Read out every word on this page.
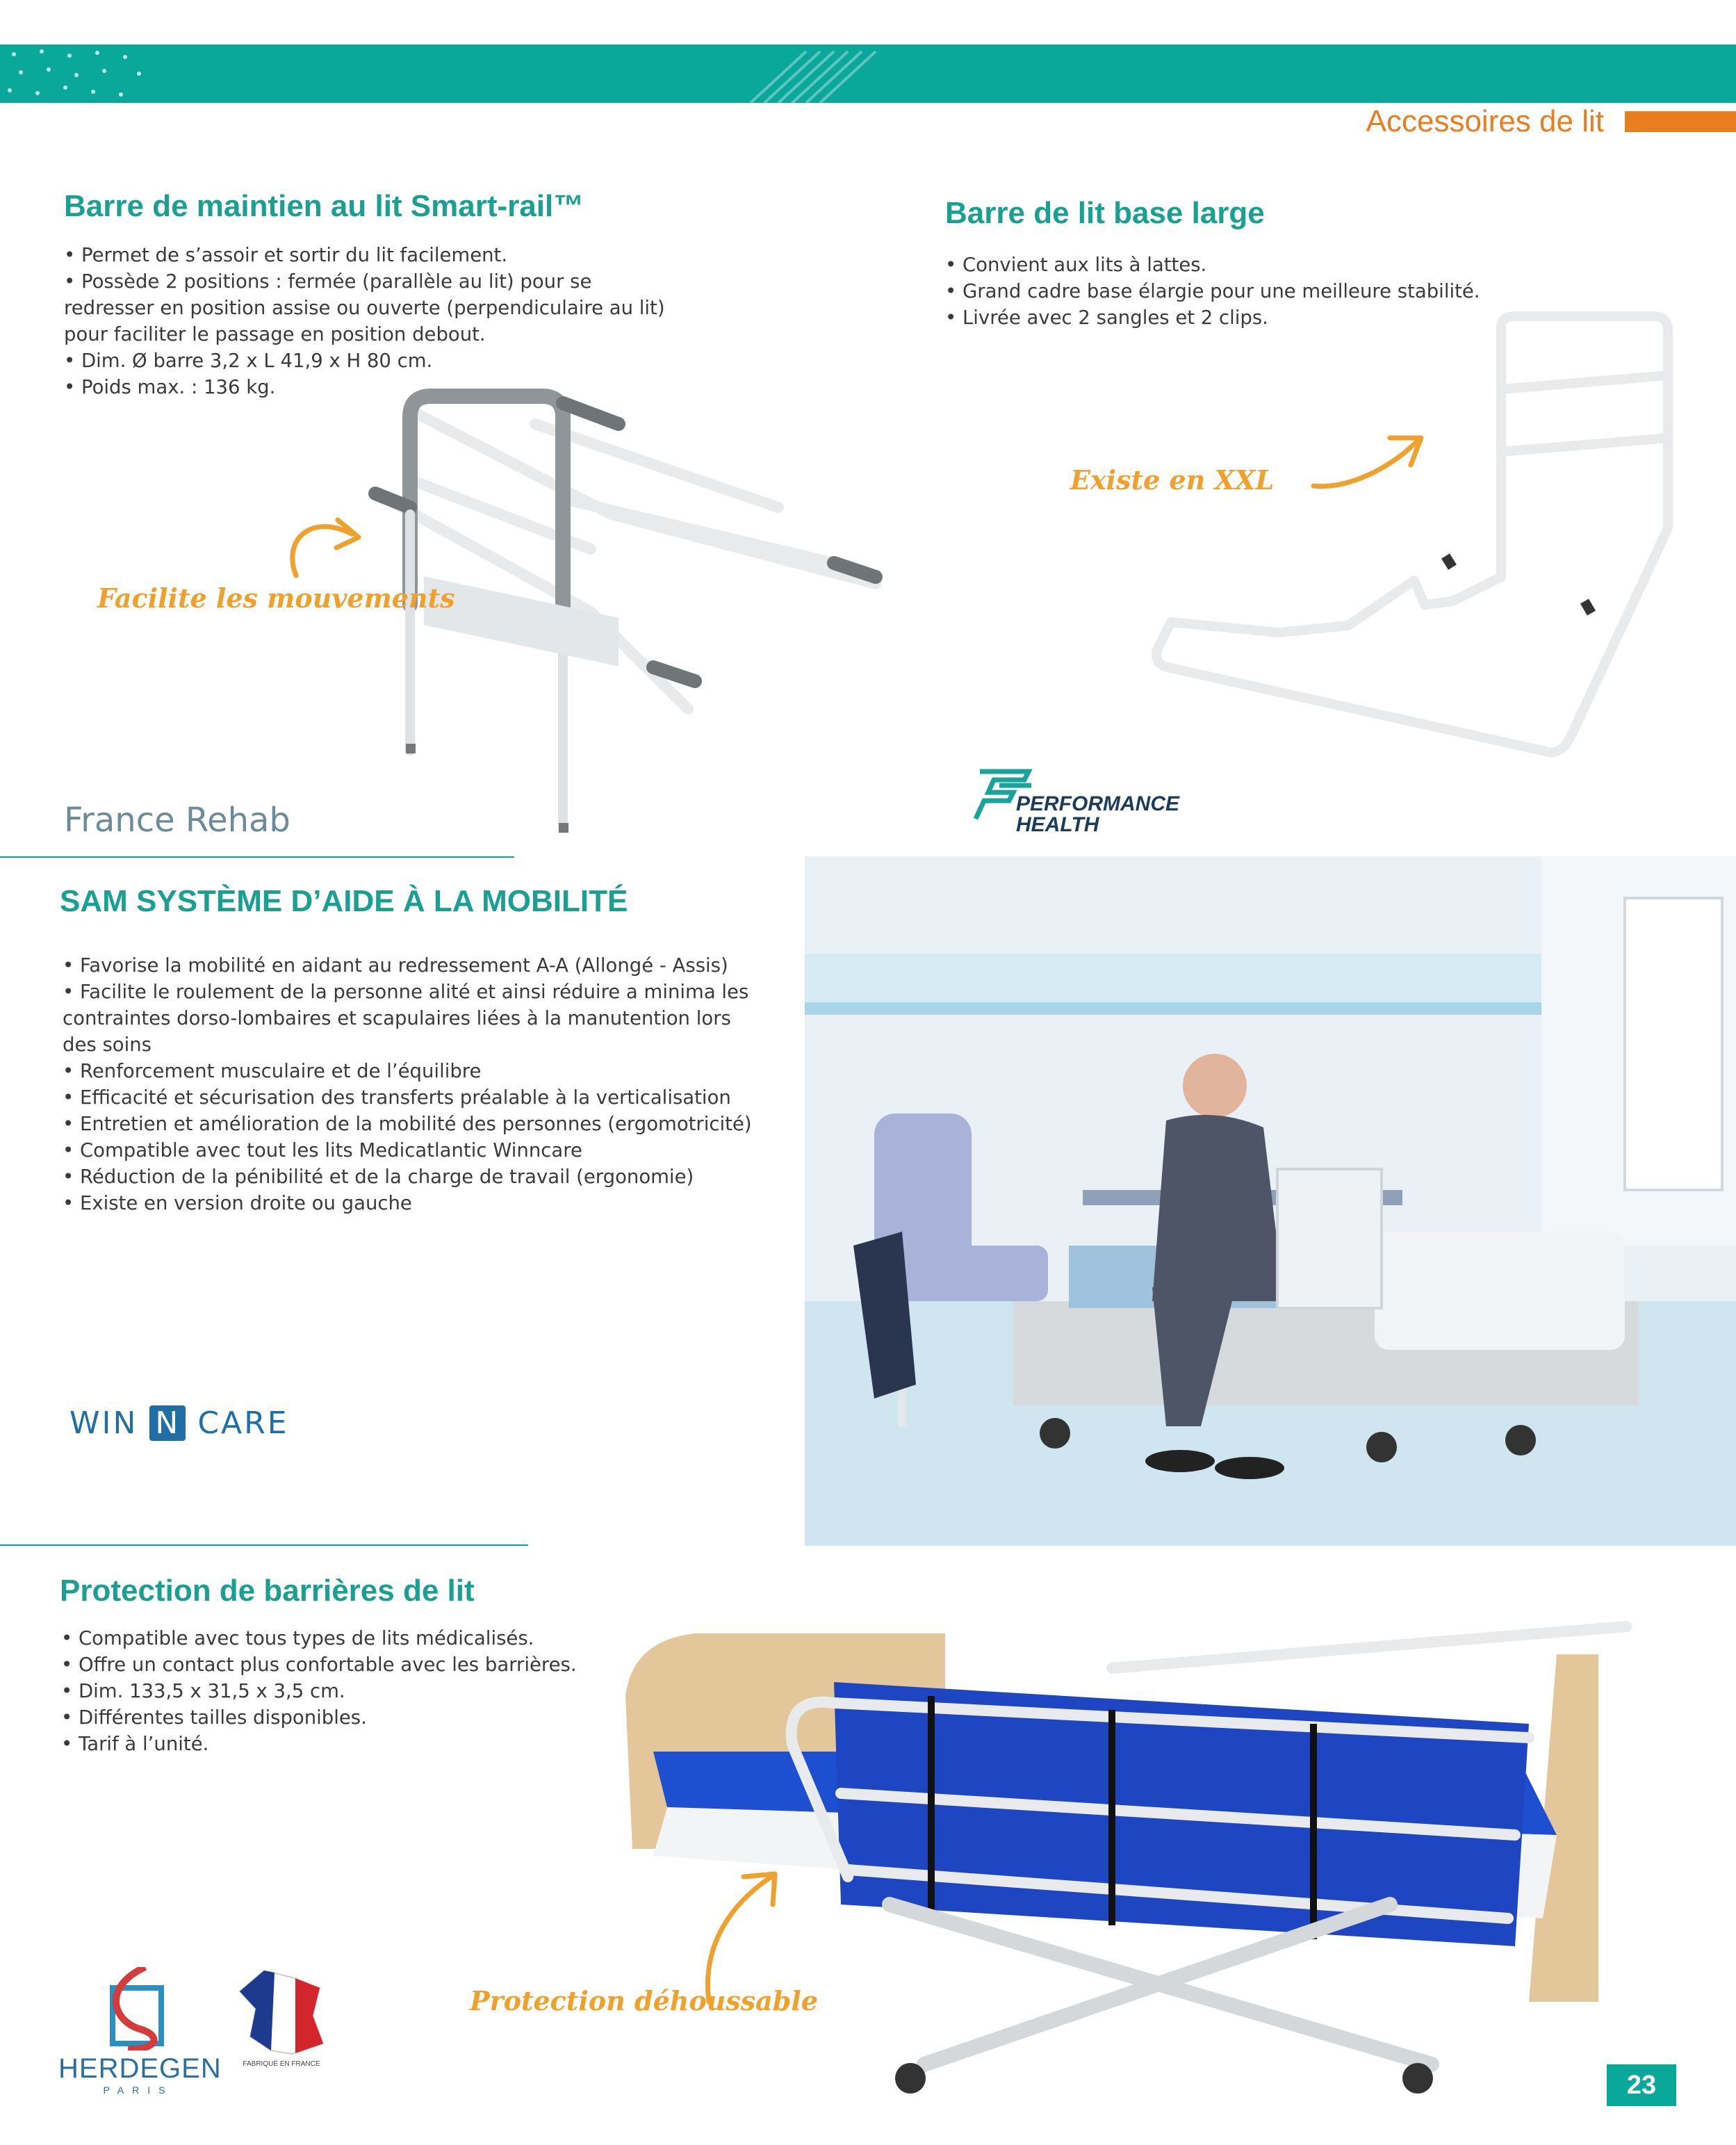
Accessoires de lit
Barre de maintien au lit Smart-rail™
• Permet de s’assoir et sortir du lit facilement.
• Possède 2 positions : fermée (parallèle au lit) pour se
redresser en position assise ou ouverte (perpendiculaire au lit)
pour faciliter le passage en position debout.
• Dim. Ø barre 3,2 x L 41,9 x H 80 cm.
• Poids max. : 136 kg.
Facilite les mouvements
France Rehab
Barre de lit base large
• Convient aux lits à lattes.
• Grand cadre base élargie pour une meilleure stabilité.
• Livrée avec 2 sangles et 2 clips.
Existe en XXL
PERFORMANCE
HEALTH
SAM SYSTÈME D’AIDE À LA MOBILITÉ
• Favorise la mobilité en aidant au redressement A-A (Allongé - Assis)
• Facilite le roulement de la personne alité et ainsi réduire a minima les
contraintes dorso-lombaires et scapulaires liées à la manutention lors
des soins
• Renforcement musculaire et de l’équilibre
• Efficacité et sécurisation des transferts préalable à la verticalisation
• Entretien et amélioration de la mobilité des personnes (ergomotricité)
• Compatible avec tout les lits Medicatlantic Winncare
• Réduction de la pénibilité et de la charge de travail (ergonomie)
• Existe en version droite ou gauche
WIN N CARE
Protection de barrières de lit
• Compatible avec tous types de lits médicalisés.
• Offre un contact plus confortable avec les barrières.
• Dim. 133,5 x 31,5 x 3,5 cm.
• Différentes tailles disponibles.
• Tarif à l’unité.
Protection déhoussable
HERDEGEN
PARIS
FABRIQUÉ EN FRANCE
23
